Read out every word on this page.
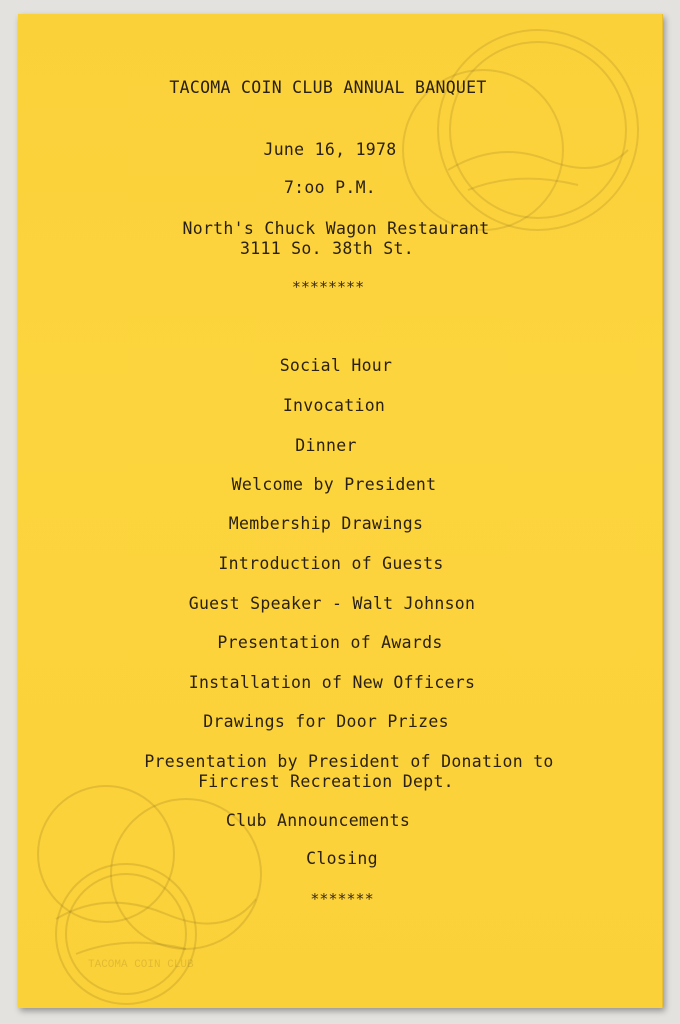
TACOMA COIN CLUB
TACOMA COIN CLUB ANNUAL BANQUET
June 16, 1978
7:oo P.M.
North's Chuck Wagon Restaurant
3111 So. 38th St.
********
Social Hour
Invocation
Dinner
Welcome by President
Membership Drawings
Introduction of Guests
Guest Speaker - Walt Johnson
Presentation of Awards
Installation of New Officers
Drawings for Door Prizes
Presentation by President of Donation to
Fircrest Recreation Dept.
Club Announcements
Closing
*******
